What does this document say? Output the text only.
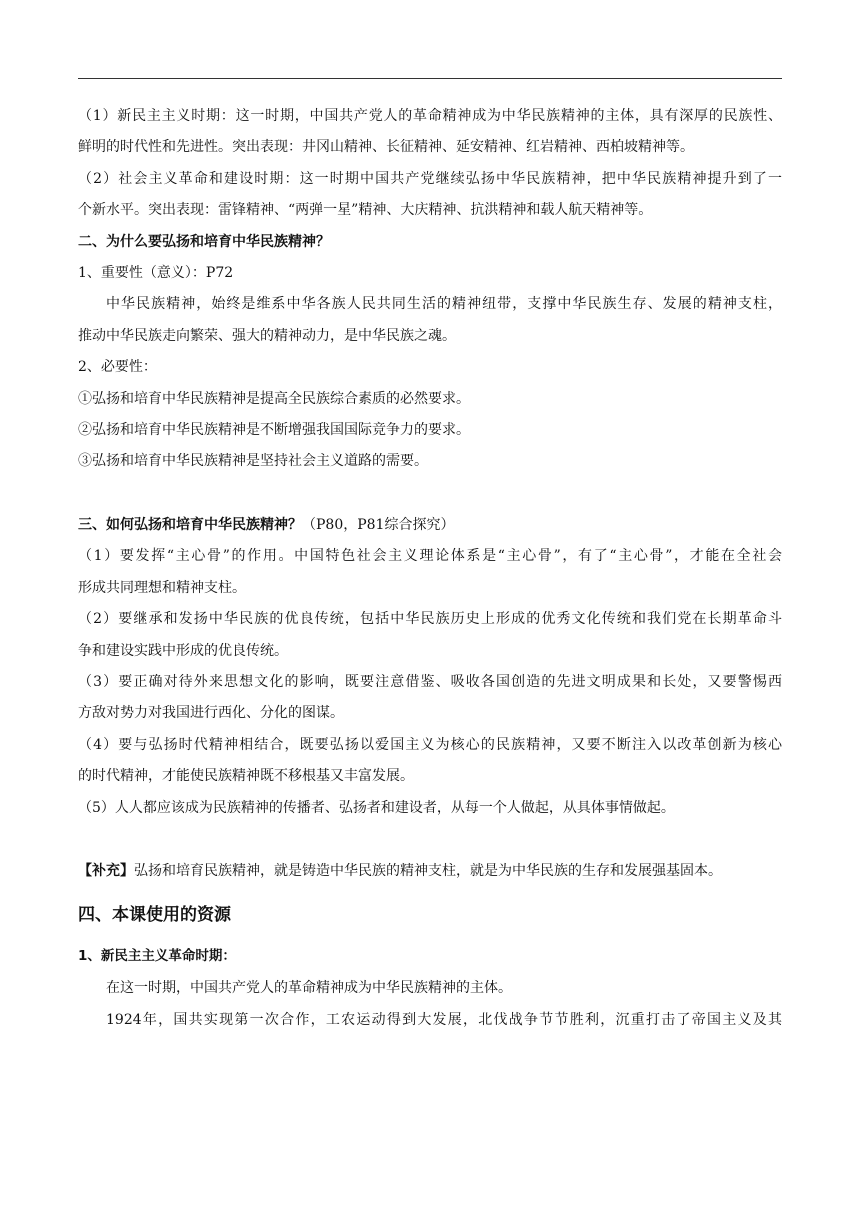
（1）新民主主义时期：这一时期，中国共产党人的革命精神成为中华民族精神的主体，具有深厚的民族性、

鲜明的时代性和先进性。突出表现：井冈山精神、长征精神、延安精神、红岩精神、西柏坡精神等。

（2）社会主义革命和建设时期：这一时期中国共产党继续弘扬中华民族精神，把中华民族精神提升到了一

个新水平。突出表现：雷锋精神、“两弹一星”精神、大庆精神、抗洪精神和载人航天精神等。

二、为什么要弘扬和培育中华民族精神？

1、重要性（意义）：P72

中华民族精神，始终是维系中华各族人民共同生活的精神纽带，支撑中华民族生存、发展的精神支柱，

推动中华民族走向繁荣、强大的精神动力，是中华民族之魂。

2、必要性：

①弘扬和培育中华民族精神是提高全民族综合素质的必然要求。

②弘扬和培育中华民族精神是不断增强我国国际竞争力的要求。

③弘扬和培育中华民族精神是坚持社会主义道路的需要。

三、如何弘扬和培育中华民族精神？（P80，P81综合探究）

（1）要发挥“主心骨”的作用。中国特色社会主义理论体系是“主心骨”，有了“主心骨”，才能在全社会

形成共同理想和精神支柱。

（2）要继承和发扬中华民族的优良传统，包括中华民族历史上形成的优秀文化传统和我们党在长期革命斗

争和建设实践中形成的优良传统。

（3）要正确对待外来思想文化的影响，既要注意借鉴、吸收各国创造的先进文明成果和长处，又要警惕西

方敌对势力对我国进行西化、分化的图谋。

（4）要与弘扬时代精神相结合，既要弘扬以爱国主义为核心的民族精神，又要不断注入以改革创新为核心

的时代精神，才能使民族精神既不移根基又丰富发展。

（5）人人都应该成为民族精神的传播者、弘扬者和建设者，从每一个人做起，从具体事情做起。

【补充】弘扬和培育民族精神，就是铸造中华民族的精神支柱，就是为中华民族的生存和发展强基固本。

四、本课使用的资源
1、新民主主义革命时期：

在这一时期，中国共产党人的革命精神成为中华民族精神的主体。

1924年，国共实现第一次合作，工农运动得到大发展，北伐战争节节胜利，沉重打击了帝国主义及其
